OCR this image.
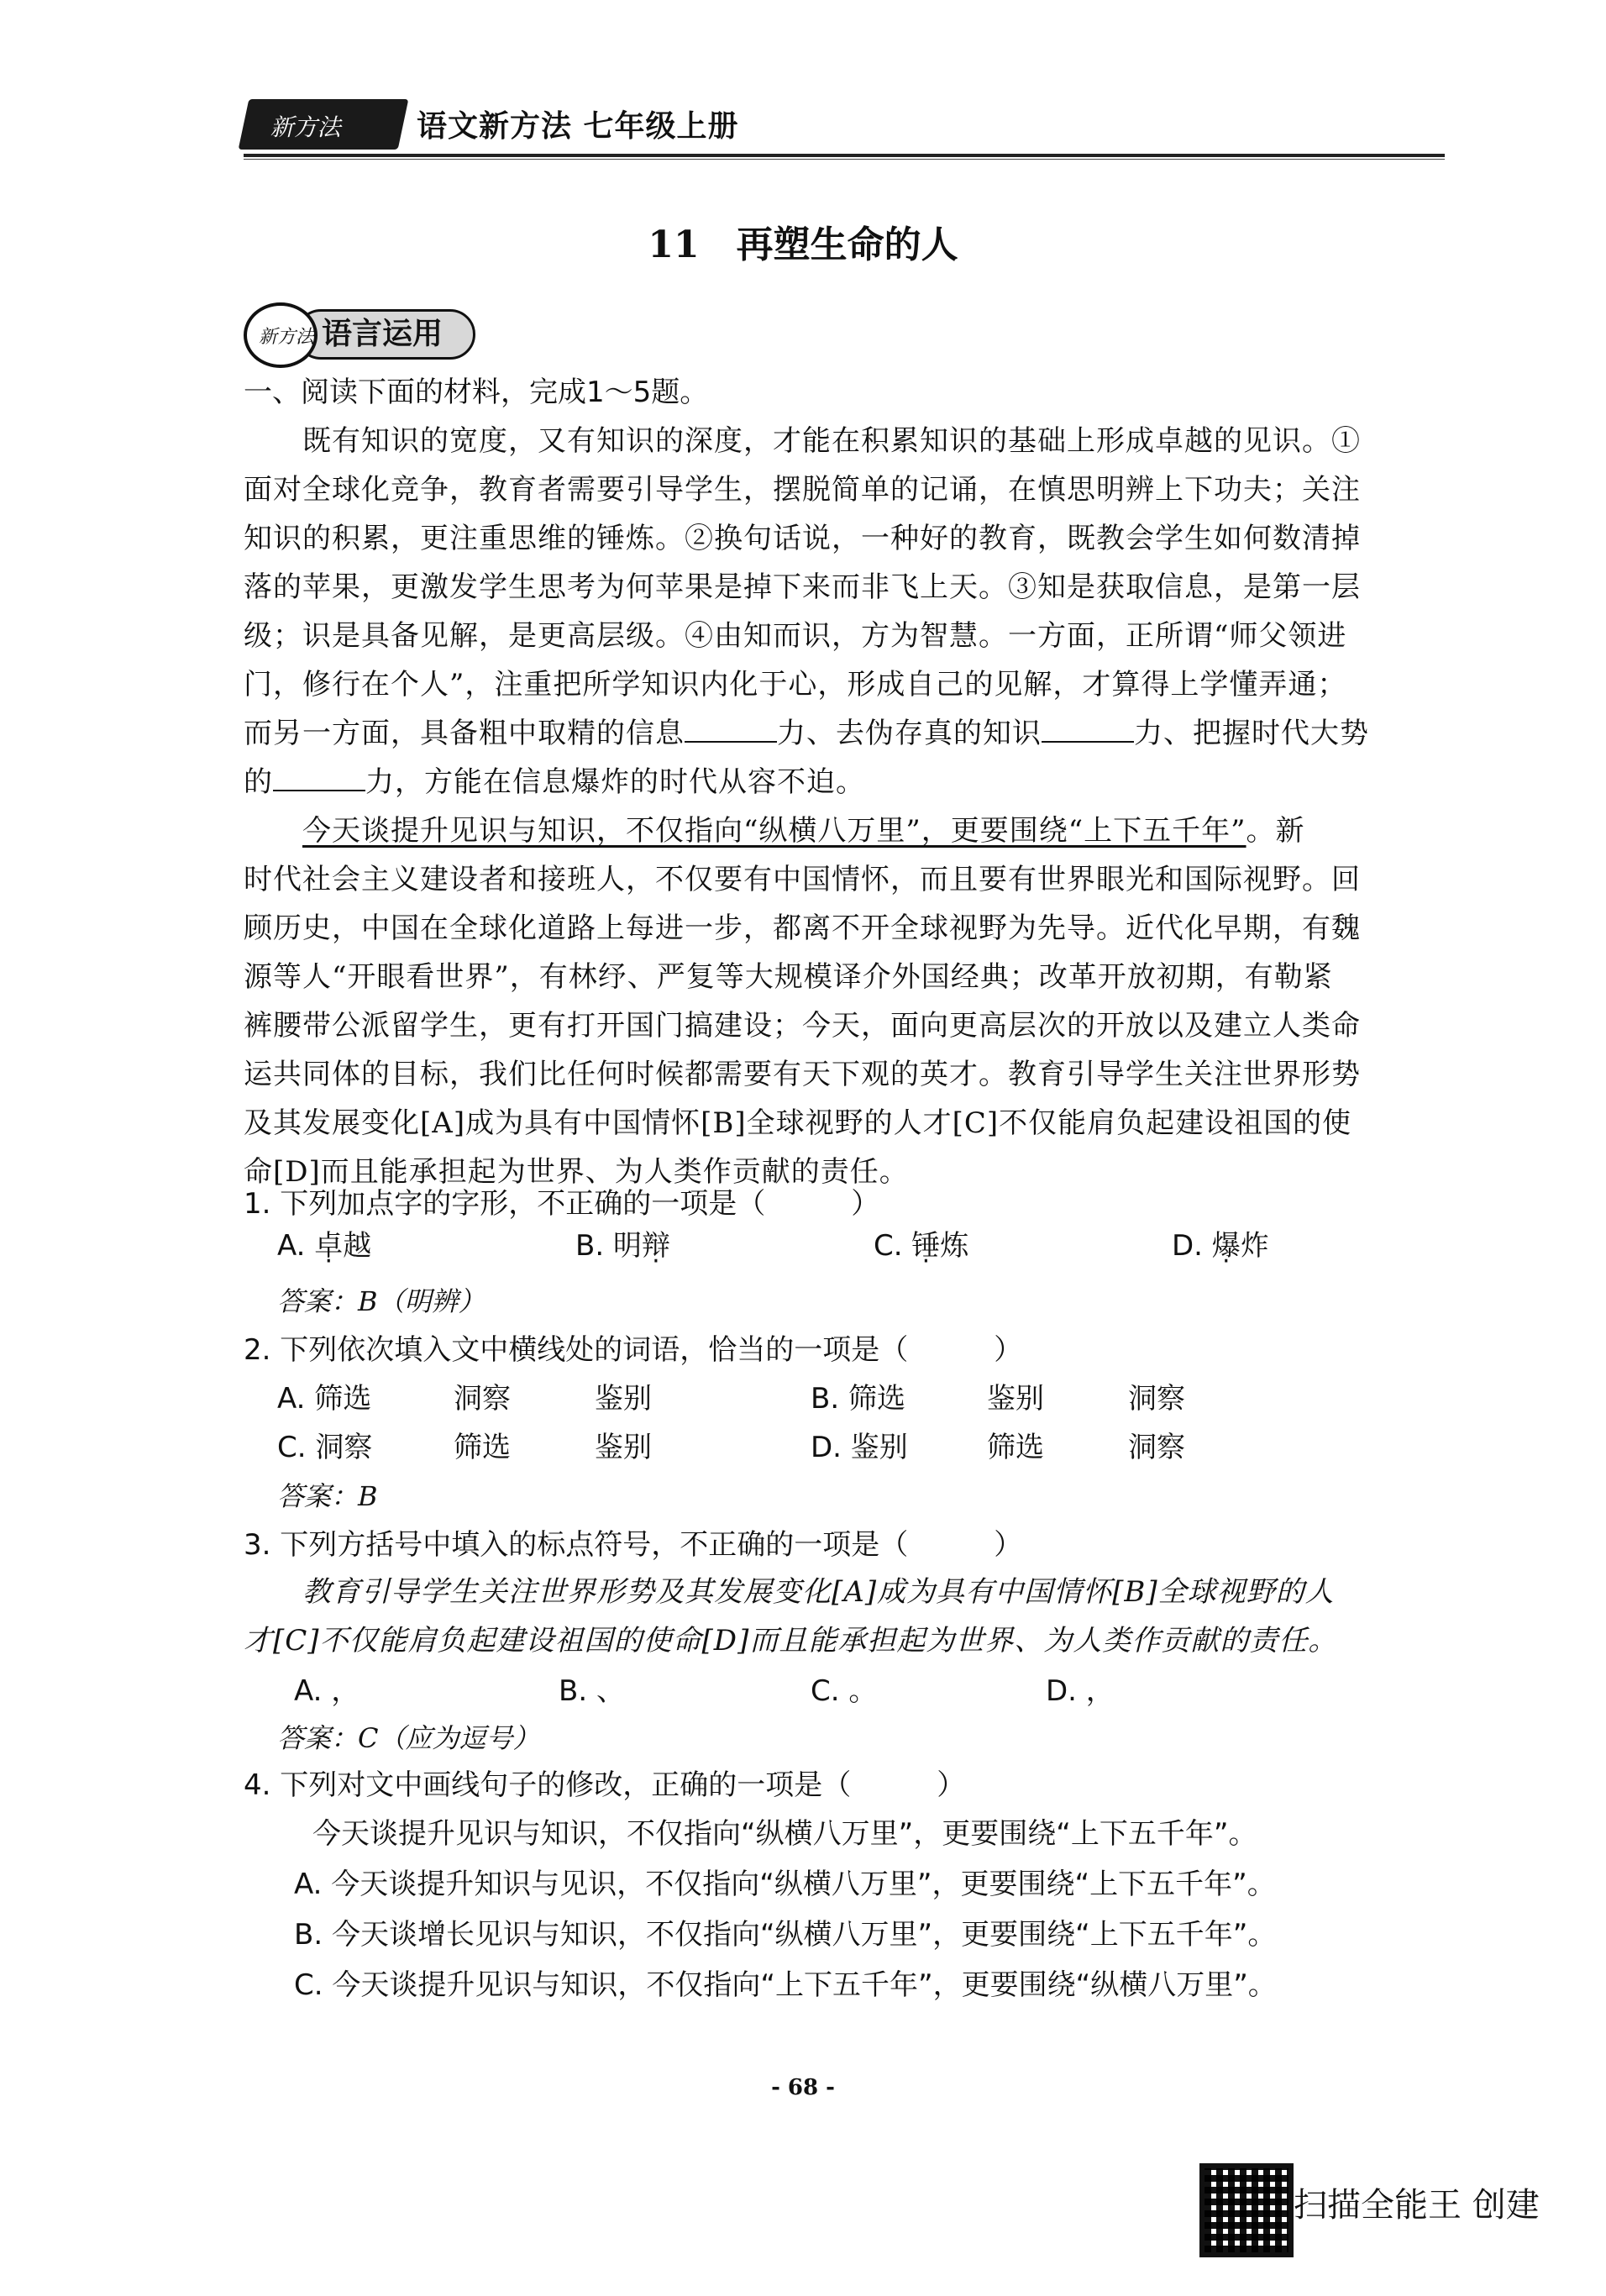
新方法	语文新方法 七年级上册
11　再塑生命的人
语言运用
新方法
一、阅读下面的材料，完成1～5题。
　　既有知识的宽度，又有知识的深度，才能在积累知识的基础上形成卓越的见识。①
面对全球化竞争，教育者需要引导学生，摆脱简单的记诵，在慎思明辨上下功夫；关注
知识的积累，更注重思维的锤炼。②换句话说，一种好的教育，既教会学生如何数清掉
落的苹果，更激发学生思考为何苹果是掉下来而非飞上天。③知是获取信息，是第一层
级；识是具备见解，是更高层级。④由知而识，方为智慧。一方面，正所谓“师父领进
门，修行在个人”，注重把所学知识内化于心，形成自己的见解，才算得上学懂弄通；
而另一方面，具备粗中取精的信息	力、去伪存真的知识	力、把握时代大势
的	力，方能在信息爆炸的时代从容不迫。
　　今天谈提升见识与知识，不仅指向“纵横八万里”，更要围绕“上下五千年”。新
时代社会主义建设者和接班人，不仅要有中国情怀，而且要有世界眼光和国际视野。回
顾历史，中国在全球化道路上每进一步，都离不开全球视野为先导。近代化早期，有魏
源等人“开眼看世界”，有林纾、严复等大规模译介外国经典；改革开放初期，有勒紧
裤腰带公派留学生，更有打开国门搞建设；今天，面向更高层次的开放以及建立人类命
运共同体的目标，我们比任何时候都需要有天下观的英才。教育引导学生关注世界形势
及其发展变化[A]成为具有中国情怀[B]全球视野的人才[C]不仅能肩负起建设祖国的使
命[D]而且能承担起为世界、为人类作贡献的责任。
1. 下列加点字的字形，不正确的一项是（　　　）
A. 卓越	B. 明辩	C. 锤炼	D. 爆炸
答案：B（明辨）
2. 下列依次填入文中横线处的词语，恰当的一项是（　　　）
A. 筛选	洞察	鉴别	B. 筛选	鉴别	洞察
C. 洞察	筛选	鉴别	D. 鉴别	筛选	洞察
答案：B
3. 下列方括号中填入的标点符号，不正确的一项是（　　　）
　　教育引导学生关注世界形势及其发展变化[A]成为具有中国情怀[B]全球视野的人
才[C]不仅能肩负起建设祖国的使命[D]而且能承担起为世界、为人类作贡献的责任。
A. ，	B. 、	C. 。	D. ，
答案：C（应为逗号）
4. 下列对文中画线句子的修改，正确的一项是（　　　）
今天谈提升见识与知识，不仅指向“纵横八万里”，更要围绕“上下五千年”。
A. 今天谈提升知识与见识，不仅指向“纵横八万里”，更要围绕“上下五千年”。
B. 今天谈增长见识与知识，不仅指向“纵横八万里”，更要围绕“上下五千年”。
C. 今天谈提升见识与知识，不仅指向“上下五千年”，更要围绕“纵横八万里”。
- 68 -
扫描全能王 创建
